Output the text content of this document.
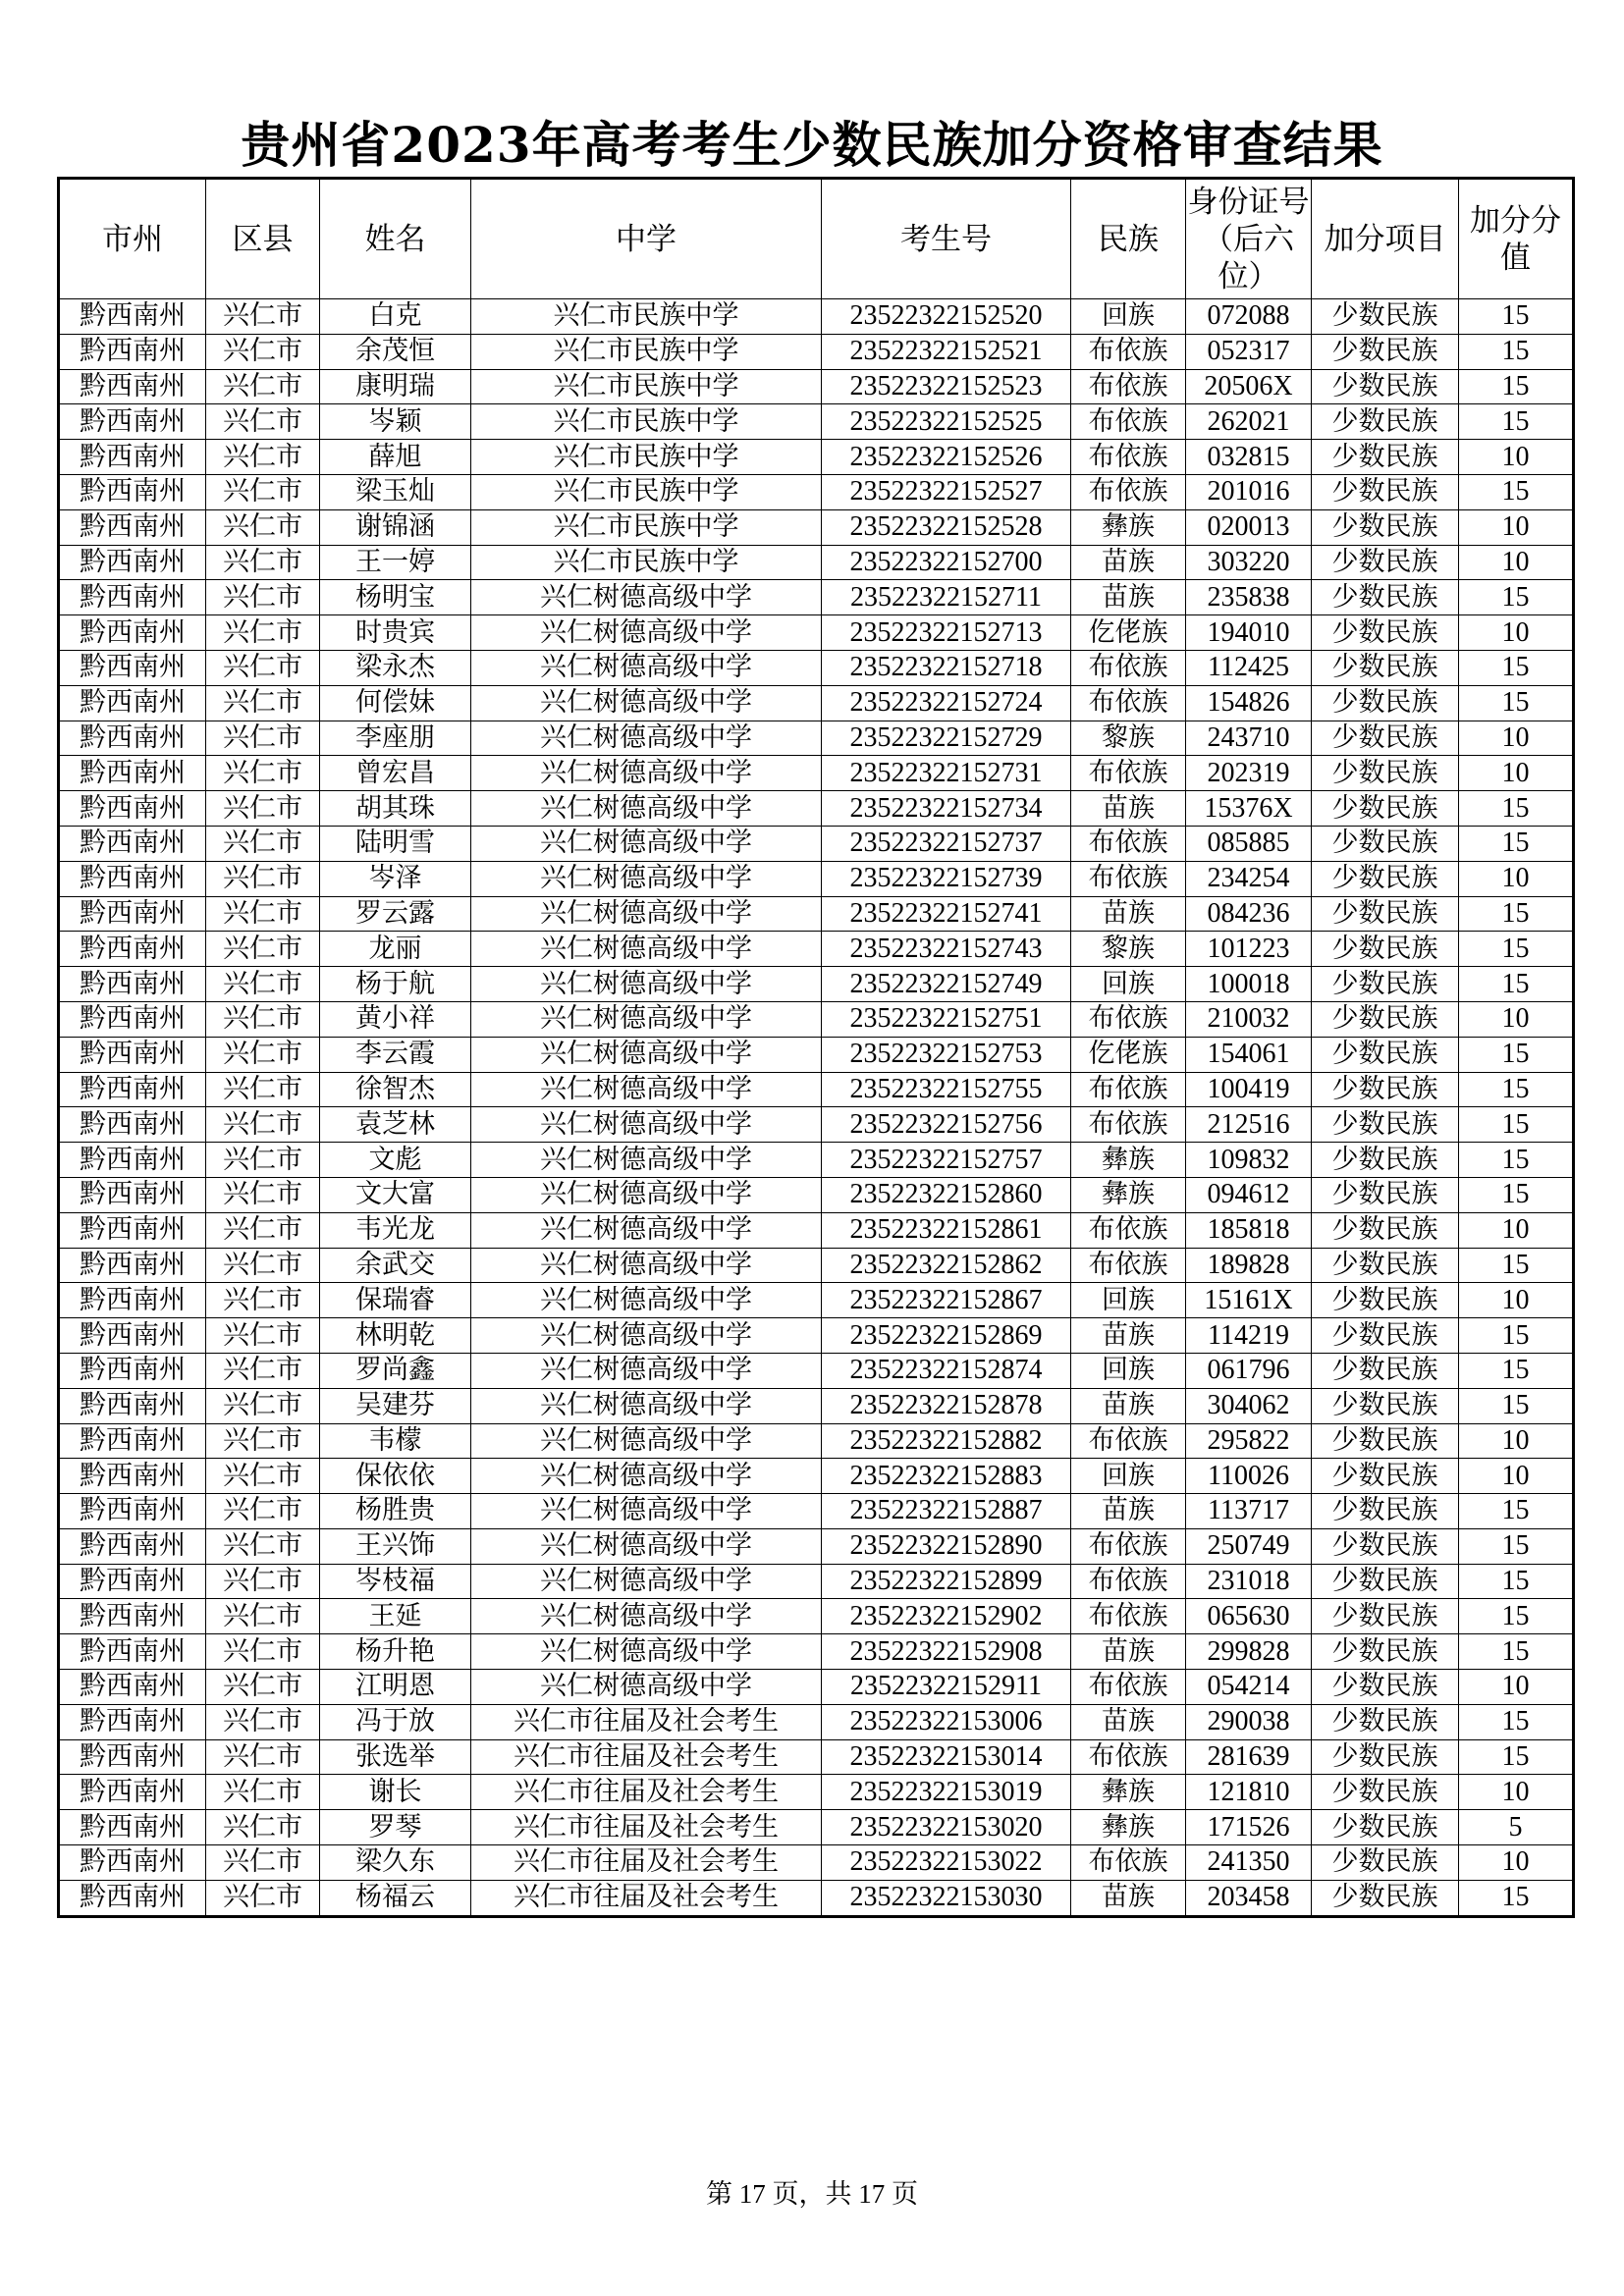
贵州省2023年高考考生少数民族加分资格审查结果
市州	区县	姓名	中学	考生号	民族	身份证号（后六位）	加分项目	加分分值
黔西南州	兴仁市	白克	兴仁市民族中学	23522322152520	回族	072088	少数民族	15
黔西南州	兴仁市	余茂恒	兴仁市民族中学	23522322152521	布依族	052317	少数民族	15
黔西南州	兴仁市	康明瑞	兴仁市民族中学	23522322152523	布依族	20506X	少数民族	15
黔西南州	兴仁市	岑颖	兴仁市民族中学	23522322152525	布依族	262021	少数民族	15
黔西南州	兴仁市	薛旭	兴仁市民族中学	23522322152526	布依族	032815	少数民族	10
黔西南州	兴仁市	梁玉灿	兴仁市民族中学	23522322152527	布依族	201016	少数民族	15
黔西南州	兴仁市	谢锦涵	兴仁市民族中学	23522322152528	彝族	020013	少数民族	10
黔西南州	兴仁市	王一婷	兴仁市民族中学	23522322152700	苗族	303220	少数民族	10
黔西南州	兴仁市	杨明宝	兴仁树德高级中学	23522322152711	苗族	235838	少数民族	15
黔西南州	兴仁市	时贵宾	兴仁树德高级中学	23522322152713	仡佬族	194010	少数民族	10
黔西南州	兴仁市	梁永杰	兴仁树德高级中学	23522322152718	布依族	112425	少数民族	15
黔西南州	兴仁市	何偿妹	兴仁树德高级中学	23522322152724	布依族	154826	少数民族	15
黔西南州	兴仁市	李座朋	兴仁树德高级中学	23522322152729	黎族	243710	少数民族	10
黔西南州	兴仁市	曾宏昌	兴仁树德高级中学	23522322152731	布依族	202319	少数民族	10
黔西南州	兴仁市	胡其珠	兴仁树德高级中学	23522322152734	苗族	15376X	少数民族	15
黔西南州	兴仁市	陆明雪	兴仁树德高级中学	23522322152737	布依族	085885	少数民族	15
黔西南州	兴仁市	岑泽	兴仁树德高级中学	23522322152739	布依族	234254	少数民族	10
黔西南州	兴仁市	罗云露	兴仁树德高级中学	23522322152741	苗族	084236	少数民族	15
黔西南州	兴仁市	龙丽	兴仁树德高级中学	23522322152743	黎族	101223	少数民族	15
黔西南州	兴仁市	杨于航	兴仁树德高级中学	23522322152749	回族	100018	少数民族	15
黔西南州	兴仁市	黄小祥	兴仁树德高级中学	23522322152751	布依族	210032	少数民族	10
黔西南州	兴仁市	李云霞	兴仁树德高级中学	23522322152753	仡佬族	154061	少数民族	15
黔西南州	兴仁市	徐智杰	兴仁树德高级中学	23522322152755	布依族	100419	少数民族	15
黔西南州	兴仁市	袁芝林	兴仁树德高级中学	23522322152756	布依族	212516	少数民族	15
黔西南州	兴仁市	文彪	兴仁树德高级中学	23522322152757	彝族	109832	少数民族	15
黔西南州	兴仁市	文大富	兴仁树德高级中学	23522322152860	彝族	094612	少数民族	15
黔西南州	兴仁市	韦光龙	兴仁树德高级中学	23522322152861	布依族	185818	少数民族	10
黔西南州	兴仁市	余武交	兴仁树德高级中学	23522322152862	布依族	189828	少数民族	15
黔西南州	兴仁市	保瑞睿	兴仁树德高级中学	23522322152867	回族	15161X	少数民族	10
黔西南州	兴仁市	林明乾	兴仁树德高级中学	23522322152869	苗族	114219	少数民族	15
黔西南州	兴仁市	罗尚鑫	兴仁树德高级中学	23522322152874	回族	061796	少数民族	15
黔西南州	兴仁市	吴建芬	兴仁树德高级中学	23522322152878	苗族	304062	少数民族	15
黔西南州	兴仁市	韦檬	兴仁树德高级中学	23522322152882	布依族	295822	少数民族	10
黔西南州	兴仁市	保依依	兴仁树德高级中学	23522322152883	回族	110026	少数民族	10
黔西南州	兴仁市	杨胜贵	兴仁树德高级中学	23522322152887	苗族	113717	少数民族	15
黔西南州	兴仁市	王兴饰	兴仁树德高级中学	23522322152890	布依族	250749	少数民族	15
黔西南州	兴仁市	岑枝福	兴仁树德高级中学	23522322152899	布依族	231018	少数民族	15
黔西南州	兴仁市	王延	兴仁树德高级中学	23522322152902	布依族	065630	少数民族	15
黔西南州	兴仁市	杨升艳	兴仁树德高级中学	23522322152908	苗族	299828	少数民族	15
黔西南州	兴仁市	江明恩	兴仁树德高级中学	23522322152911	布依族	054214	少数民族	10
黔西南州	兴仁市	冯于放	兴仁市往届及社会考生	23522322153006	苗族	290038	少数民族	15
黔西南州	兴仁市	张选举	兴仁市往届及社会考生	23522322153014	布依族	281639	少数民族	15
黔西南州	兴仁市	谢长	兴仁市往届及社会考生	23522322153019	彝族	121810	少数民族	10
黔西南州	兴仁市	罗琴	兴仁市往届及社会考生	23522322153020	彝族	171526	少数民族	5
黔西南州	兴仁市	梁久东	兴仁市往届及社会考生	23522322153022	布依族	241350	少数民族	10
黔西南州	兴仁市	杨福云	兴仁市往届及社会考生	23522322153030	苗族	203458	少数民族	15
第 17 页，共 17 页
